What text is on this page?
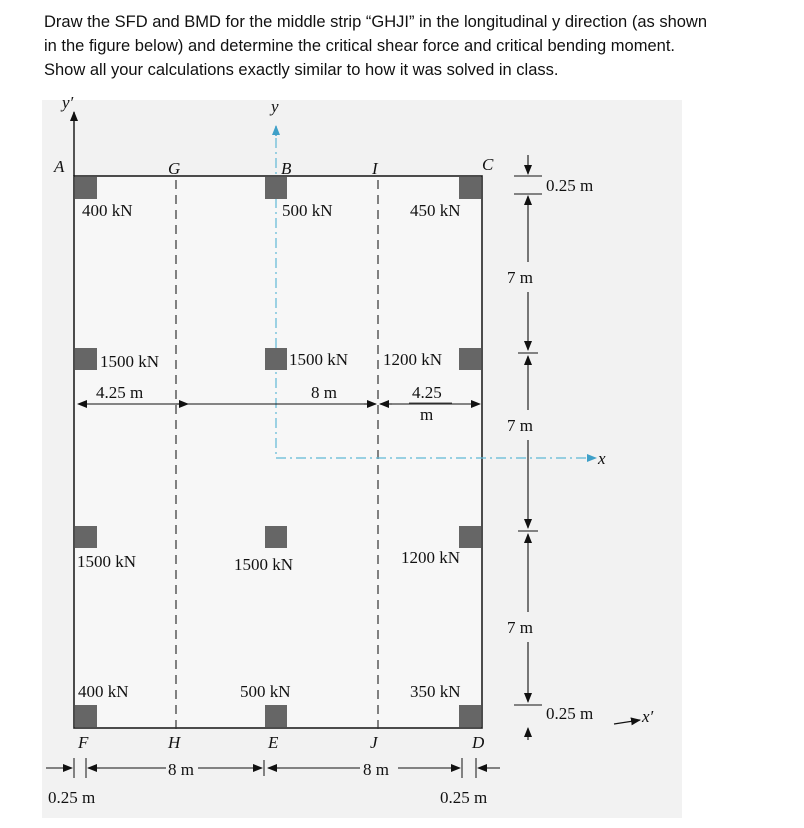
Draw the SFD and BMD for the middle strip “GHJI” in the longitudinal y direction (as shown
in the figure below) and determine the critical shear force and critical bending moment.
Show all your calculations exactly similar to how it was solved in class.
A	G	B	I	C
F	H	E	J	D
y′	y
x
x′
400 kN	500 kN	450 kN
1500 kN	1500 kN 1200 kN
1500 kN	1500 kN	1200 kN
400 kN	500 kN	350 kN
4.25 m	8 m	4.25
m
0.25 m
7 m
7 m
7 m
0.25 m
0.25 m
8 m	8 m
0.25 m
